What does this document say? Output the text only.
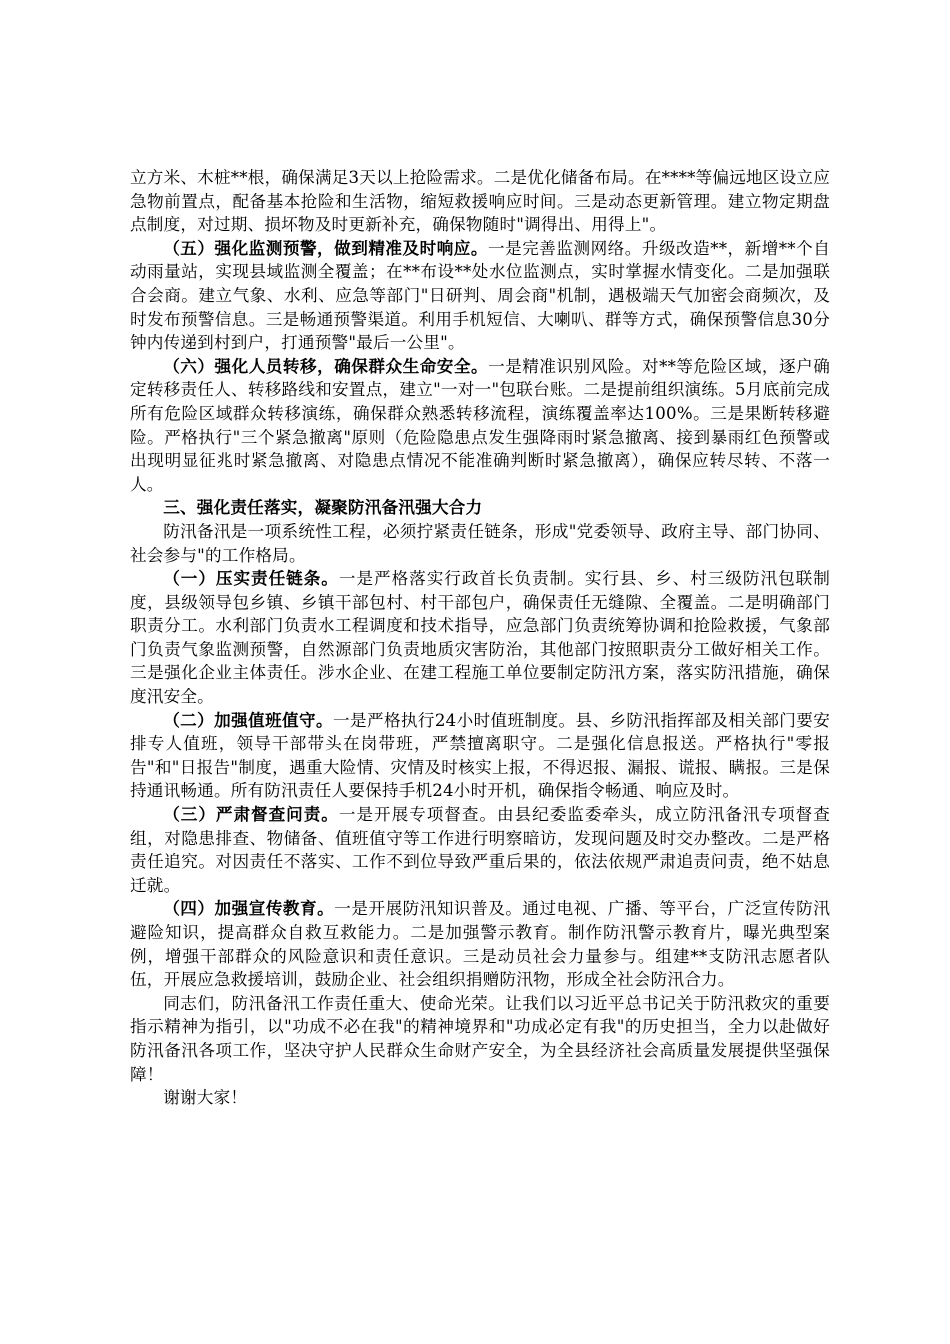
立方米、木桩**根，确保满足3天以上抢险需求。二是优化储备布局。在****等偏远地区设立应急物前置点，配备基本抢险和生活物，缩短救援响应时间。三是动态更新管理。建立物定期盘点制度，对过期、损坏物及时更新补充，确保物随时"调得出、用得上"。

（五）强化监测预警，做到精准及时响应。一是完善监测网络。升级改造**，新增**个自动雨量站，实现县域监测全覆盖；在**布设**处水位监测点，实时掌握水情变化。二是加强联合会商。建立气象、水利、应急等部门"日研判、周会商"机制，遇极端天气加密会商频次，及时发布预警信息。三是畅通预警渠道。利用手机短信、大喇叭、群等方式，确保预警信息30分钟内传递到村到户，打通预警"最后一公里"。

（六）强化人员转移，确保群众生命安全。一是精准识别风险。对**等危险区域，逐户确定转移责任人、转移路线和安置点，建立"一对一"包联台账。二是提前组织演练。5月底前完成所有危险区域群众转移演练，确保群众熟悉转移流程，演练覆盖率达100%。三是果断转移避险。严格执行"三个紧急撤离"原则（危险隐患点发生强降雨时紧急撤离、接到暴雨红色预警或出现明显征兆时紧急撤离、对隐患点情况不能准确判断时紧急撤离），确保应转尽转、不落一人。

三、强化责任落实，凝聚防汛备汛强大合力

防汛备汛是一项系统性工程，必须拧紧责任链条，形成"党委领导、政府主导、部门协同、社会参与"的工作格局。

（一）压实责任链条。一是严格落实行政首长负责制。实行县、乡、村三级防汛包联制度，县级领导包乡镇、乡镇干部包村、村干部包户，确保责任无缝隙、全覆盖。二是明确部门职责分工。水利部门负责水工程调度和技术指导，应急部门负责统筹协调和抢险救援，气象部门负责气象监测预警，自然源部门负责地质灾害防治，其他部门按照职责分工做好相关工作。三是强化企业主体责任。涉水企业、在建工程施工单位要制定防汛方案，落实防汛措施，确保度汛安全。

（二）加强值班值守。一是严格执行24小时值班制度。县、乡防汛指挥部及相关部门要安排专人值班，领导干部带头在岗带班，严禁擅离职守。二是强化信息报送。严格执行"零报告"和"日报告"制度，遇重大险情、灾情及时核实上报，不得迟报、漏报、谎报、瞒报。三是保持通讯畅通。所有防汛责任人要保持手机24小时开机，确保指令畅通、响应及时。

（三）严肃督查问责。一是开展专项督查。由县纪委监委牵头，成立防汛备汛专项督查组，对隐患排查、物储备、值班值守等工作进行明察暗访，发现问题及时交办整改。二是严格责任追究。对因责任不落实、工作不到位导致严重后果的，依法依规严肃追责问责，绝不姑息迁就。

（四）加强宣传教育。一是开展防汛知识普及。通过电视、广播、等平台，广泛宣传防汛避险知识，提高群众自救互救能力。二是加强警示教育。制作防汛警示教育片，曝光典型案例，增强干部群众的风险意识和责任意识。三是动员社会力量参与。组建**支防汛志愿者队伍，开展应急救援培训，鼓励企业、社会组织捐赠防汛物，形成全社会防汛合力。

同志们，防汛备汛工作责任重大、使命光荣。让我们以习近平总书记关于防汛救灾的重要指示精神为指引，以"功成不必在我"的精神境界和"功成必定有我"的历史担当，全力以赴做好防汛备汛各项工作，坚决守护人民群众生命财产安全，为全县经济社会高质量发展提供坚强保障！

谢谢大家！
